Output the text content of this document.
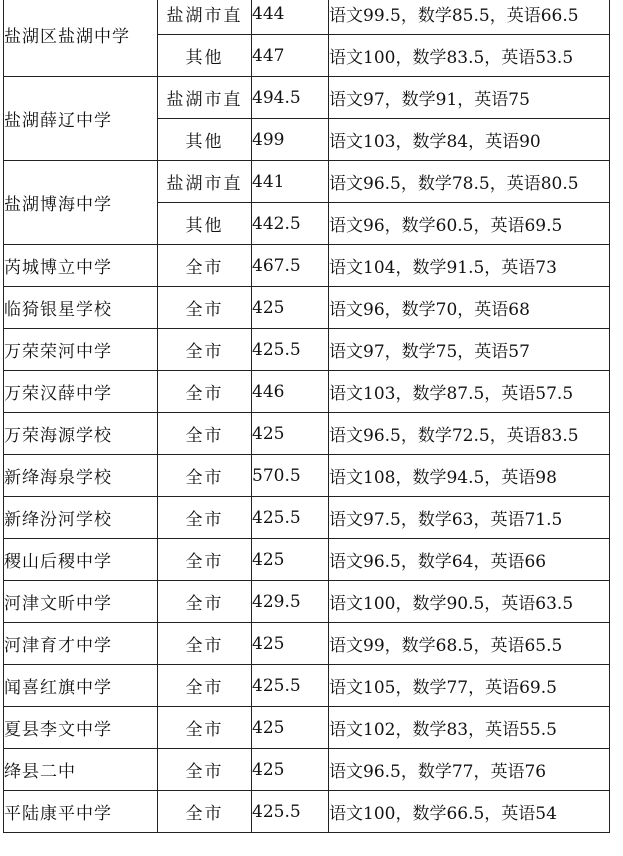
盐湖区盐湖中学	盐湖市直	444	语文99.5，数学85.5，英语66.5
	其他	447	语文100，数学83.5，英语53.5
盐湖薛辽中学	盐湖市直	494.5	语文97，数学91，英语75
	其他	499	语文103，数学84，英语90
盐湖博海中学	盐湖市直	441	语文96.5，数学78.5，英语80.5
	其他	442.5	语文96，数学60.5，英语69.5
芮城博立中学	全市	467.5	语文104，数学91.5，英语73
临猗银星学校	全市	425	语文96，数学70，英语68
万荣荣河中学	全市	425.5	语文97，数学75，英语57
万荣汉薛中学	全市	446	语文103，数学87.5，英语57.5
万荣海源学校	全市	425	语文96.5，数学72.5，英语83.5
新绛海泉学校	全市	570.5	语文108，数学94.5，英语98
新绛汾河学校	全市	425.5	语文97.5，数学63，英语71.5
稷山后稷中学	全市	425	语文96.5，数学64，英语66
河津文昕中学	全市	429.5	语文100，数学90.5，英语63.5
河津育才中学	全市	425	语文99，数学68.5，英语65.5
闻喜红旗中学	全市	425.5	语文105，数学77，英语69.5
夏县李文中学	全市	425	语文102，数学83，英语55.5
绛县二中	全市	425	语文96.5，数学77，英语76
平陆康平中学	全市	425.5	语文100，数学66.5，英语54
